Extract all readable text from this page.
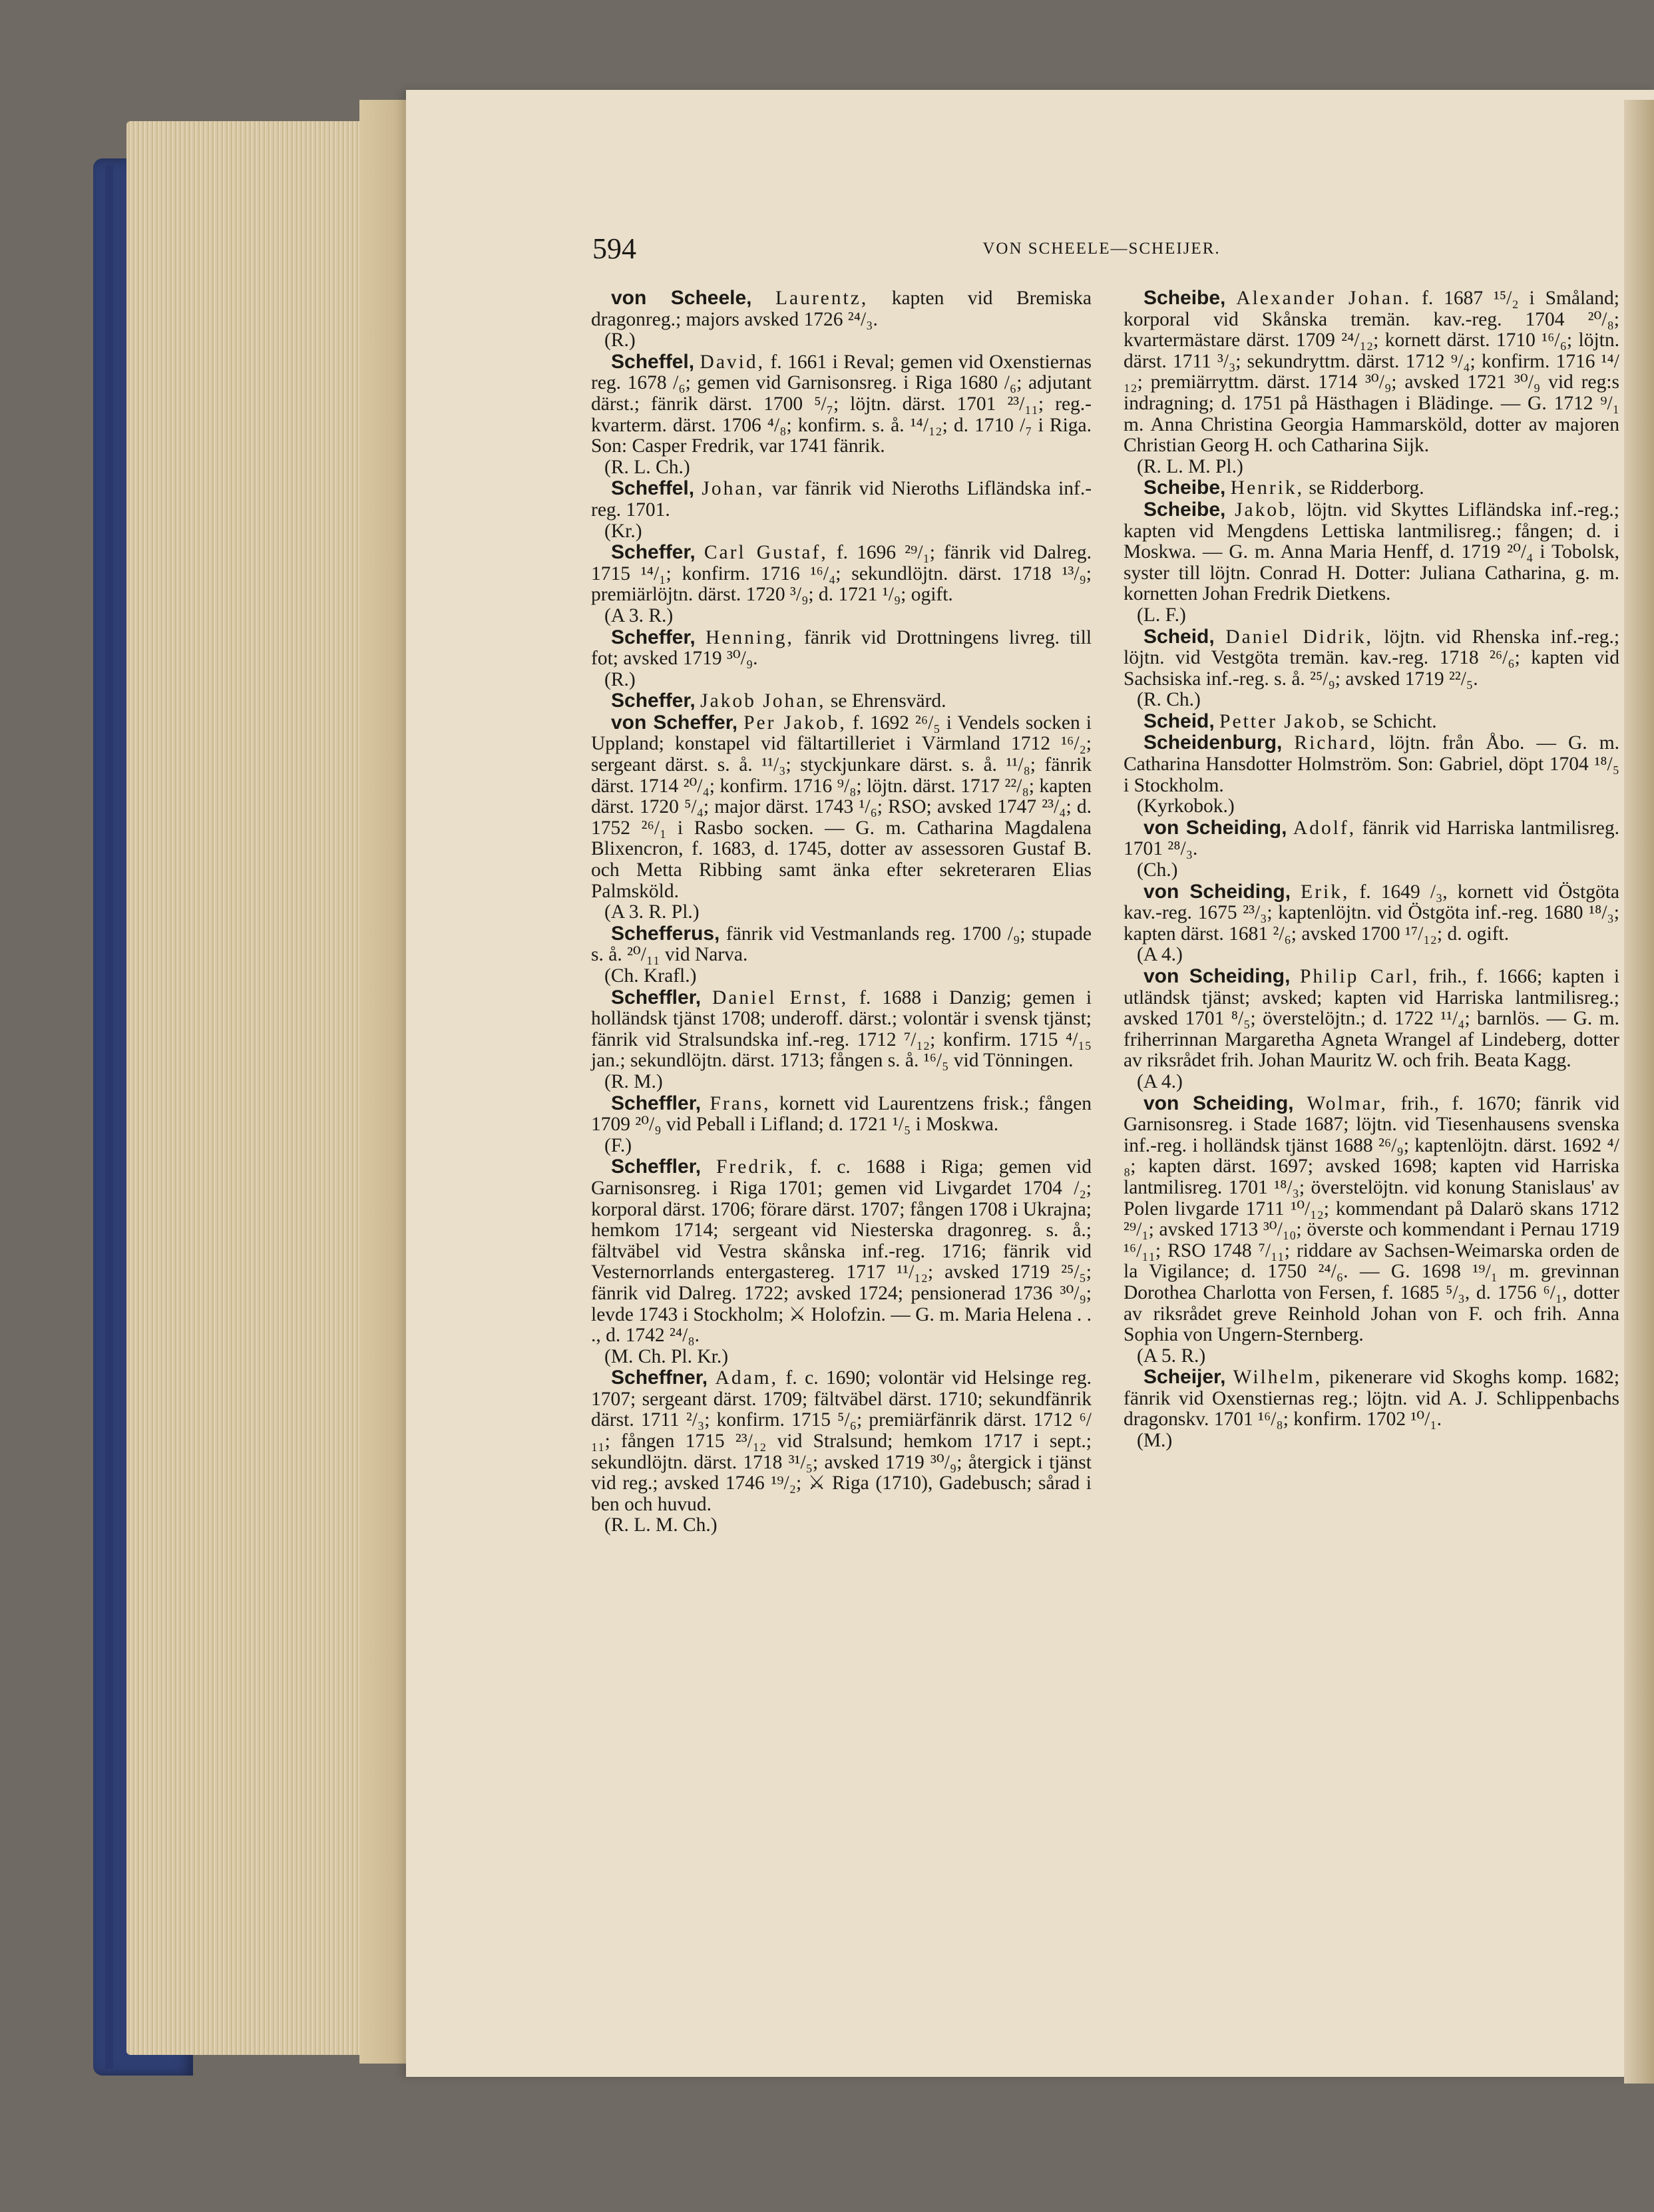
594	VON SCHEELE—SCHEIJER.

von Scheele, Laurentz, kapten vid Bremiska dragonreg.; majors avsked 1726 ²⁴/₃.

(R.)

Scheffel, David, f. 1661 i Reval; gemen vid Oxenstiernas reg. 1678 /₆; gemen vid Garnisonsreg. i Riga 1680 /₆; adjutant därst.; fänrik därst. 1700 ⁵/₇; löjtn. därst. 1701 ²³/₁₁; reg.-kvarterm. därst. 1706 ⁴/₈; konfirm. s. å. ¹⁴/₁₂; d. 1710 /₇ i Riga. Son: Casper Fredrik, var 1741 fänrik.

(R. L. Ch.)

Scheffel, Johan, var fänrik vid Nieroths Lifländska inf.-reg. 1701.

(Kr.)

Scheffer, Carl Gustaf, f. 1696 ²⁹/₁; fänrik vid Dalreg. 1715 ¹⁴/₁; konfirm. 1716 ¹⁶/₄; sekundlöjtn. därst. 1718 ¹³/₉; premiärlöjtn. därst. 1720 ³/₉; d. 1721 ¹/₉; ogift.

(A 3. R.)

Scheffer, Henning, fänrik vid Drottningens livreg. till fot; avsked 1719 ³⁰/₉.

(R.)

Scheffer, Jakob Johan, se Ehrensvärd.

von Scheffer, Per Jakob, f. 1692 ²⁶/₅ i Vendels socken i Uppland; konstapel vid fältartilleriet i Värmland 1712 ¹⁶/₂; sergeant därst. s. å. ¹¹/₃; styckjunkare därst. s. å. ¹¹/₈; fänrik därst. 1714 ²⁰/₄; konfirm. 1716 ⁹/₈; löjtn. därst. 1717 ²²/₈; kapten därst. 1720 ⁵/₄; major därst. 1743 ¹/₆; RSO; avsked 1747 ²³/₄; d. 1752 ²⁶/₁ i Rasbo socken. — G. m. Catharina Magdalena Blixencron, f. 1683, d. 1745, dotter av assessoren Gustaf B. och Metta Ribbing samt änka efter sekreteraren Elias Palmsköld.

(A 3. R. Pl.)

Schefferus, fänrik vid Vestmanlands reg. 1700 /₉; stupade s. å. ²⁰/₁₁ vid Narva.

(Ch. Krafl.)

Scheffler, Daniel Ernst, f. 1688 i Danzig; gemen i holländsk tjänst 1708; underoff. därst.; volontär i svensk tjänst; fänrik vid Stralsundska inf.-reg. 1712 ⁷/₁₂; konfirm. 1715 ⁴/₁₅ jan.; sekundlöjtn. därst. 1713; fången s. å. ¹⁶/₅ vid Tönningen.

(R. M.)

Scheffler, Frans, kornett vid Laurentzens frisk.; fången 1709 ²⁰/₉ vid Peball i Lifland; d. 1721 ¹/₅ i Moskwa.

(F.)

Scheffler, Fredrik, f. c. 1688 i Riga; gemen vid Garnisonsreg. i Riga 1701; gemen vid Livgardet 1704 /₂; korporal därst. 1706; förare därst. 1707; fången 1708 i Ukrajna; hemkom 1714; sergeant vid Niesterska dragonreg. s. å.; fältväbel vid Vestra skånska inf.-reg. 1716; fänrik vid Vesternorrlands entergastereg. 1717 ¹¹/₁₂; avsked 1719 ²⁵/₅; fänrik vid Dalreg. 1722; avsked 1724; pensionerad 1736 ³⁰/₉; levde 1743 i Stockholm; ⚔ Holofzin. — G. m. Maria Helena . . ., d. 1742 ²⁴/₈.

(M. Ch. Pl. Kr.)

Scheffner, Adam, f. c. 1690; volontär vid Helsinge reg. 1707; sergeant därst. 1709; fältväbel därst. 1710; sekundfänrik därst. 1711 ²/₃; konfirm. 1715 ⁵/₆; premiärfänrik därst. 1712 ⁶/₁₁; fången 1715 ²³/₁₂ vid Stralsund; hemkom 1717 i sept.; sekundlöjtn. därst. 1718 ³¹/₅; avsked 1719 ³⁰/₉; återgick i tjänst vid reg.; avsked 1746 ¹⁹/₂; ⚔ Riga (1710), Gadebusch; sårad i ben och huvud.

(R. L. M. Ch.)

Scheibe, Alexander Johan. f. 1687 ¹⁵/₂ i Småland; korporal vid Skånska tremän. kav.-reg. 1704 ²⁰/₈; kvartermästare därst. 1709 ²⁴/₁₂; kornett därst. 1710 ¹⁶/₆; löjtn. därst. 1711 ³/₃; sekundryttm. därst. 1712 ⁹/₄; konfirm. 1716 ¹⁴/₁₂; premiärryttm. därst. 1714 ³⁰/₉; avsked 1721 ³⁰/₉ vid reg:s indragning; d. 1751 på Hästhagen i Blädinge. — G. 1712 ⁹/₁ m. Anna Christina Georgia Hammarsköld, dotter av majoren Christian Georg H. och Catharina Sijk.

(R. L. M. Pl.)

Scheibe, Henrik, se Ridderborg.

Scheibe, Jakob, löjtn. vid Skyttes Lifländska inf.-reg.; kapten vid Mengdens Lettiska lantmilisreg.; fången; d. i Moskwa. — G. m. Anna Maria Henff, d. 1719 ²⁰/₄ i Tobolsk, syster till löjtn. Conrad H. Dotter: Juliana Catharina, g. m. kornetten Johan Fredrik Dietkens.

(L. F.)

Scheid, Daniel Didrik, löjtn. vid Rhenska inf.-reg.; löjtn. vid Vestgöta tremän. kav.-reg. 1718 ²⁶/₆; kapten vid Sachsiska inf.-reg. s. å. ²⁵/₉; avsked 1719 ²²/₅.

(R. Ch.)

Scheid, Petter Jakob, se Schicht.

Scheidenburg, Richard, löjtn. från Åbo. — G. m. Catharina Hansdotter Holmström. Son: Gabriel, döpt 1704 ¹⁸/₅ i Stockholm.

(Kyrkobok.)

von Scheiding, Adolf, fänrik vid Harriska lantmilisreg. 1701 ²⁸/₃.

(Ch.)

von Scheiding, Erik, f. 1649 /₃, kornett vid Östgöta kav.-reg. 1675 ²³/₃; kaptenlöjtn. vid Östgöta inf.-reg. 1680 ¹⁸/₃; kapten därst. 1681 ²/₆; avsked 1700 ¹⁷/₁₂; d. ogift.

(A 4.)

von Scheiding, Philip Carl, frih., f. 1666; kapten i utländsk tjänst; avsked; kapten vid Harriska lantmilisreg.; avsked 1701 ⁸/₅; överstelöjtn.; d. 1722 ¹¹/₄; barnlös. — G. m. friherrinnan Margaretha Agneta Wrangel af Lindeberg, dotter av riksrådet frih. Johan Mauritz W. och frih. Beata Kagg.

(A 4.)

von Scheiding, Wolmar, frih., f. 1670; fänrik vid Garnisonsreg. i Stade 1687; löjtn. vid Tiesenhausens svenska inf.-reg. i holländsk tjänst 1688 ²⁶/₉; kaptenlöjtn. därst. 1692 ⁴/₈; kapten därst. 1697; avsked 1698; kapten vid Harriska lantmilisreg. 1701 ¹⁸/₃; överstelöjtn. vid konung Stanislaus' av Polen livgarde 1711 ¹⁰/₁₂; kommendant på Dalarö skans 1712 ²⁹/₁; avsked 1713 ³⁰/₁₀; överste och kommendant i Pernau 1719 ¹⁶/₁₁; RSO 1748 ⁷/₁₁; riddare av Sachsen-Weimarska orden de la Vigilance; d. 1750 ²⁴/₆. — G. 1698 ¹⁹/₁ m. grevinnan Dorothea Charlotta von Fersen, f. 1685 ⁵/₃, d. 1756 ⁶/₁, dotter av riksrådet greve Reinhold Johan von F. och frih. Anna Sophia von Ungern-Sternberg.

(A 5. R.)

Scheijer, Wilhelm, pikenerare vid Skoghs komp. 1682; fänrik vid Oxenstiernas reg.; löjtn. vid A. J. Schlippenbachs dragonskv. 1701 ¹⁶/₈; konfirm. 1702 ¹⁰/₁.

(M.)
